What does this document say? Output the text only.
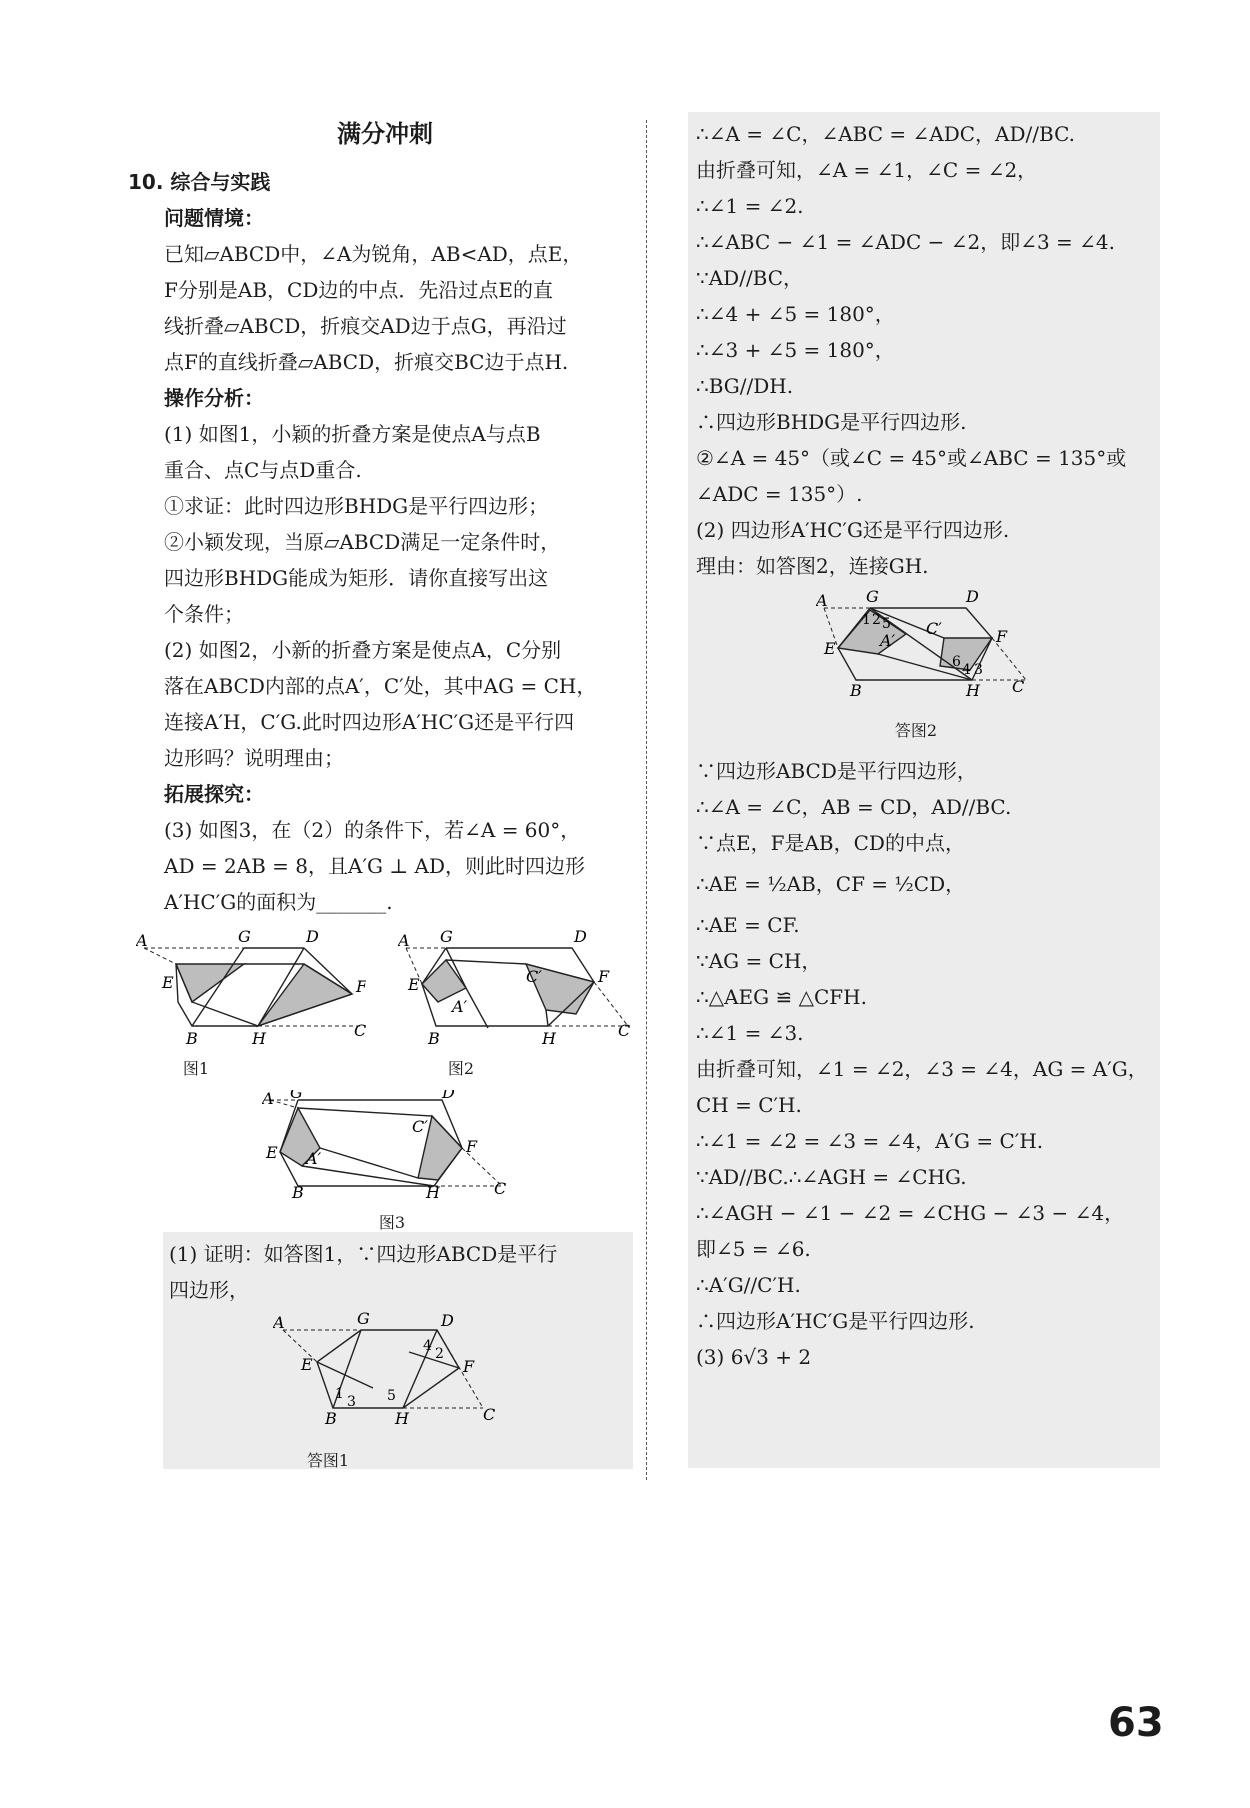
满分冲刺
10. 综合与实践
问题情境：
已知▱ABCD中，∠A为锐角，AB<AD，点E，
F分别是AB，CD边的中点．先沿过点E的直
线折叠▱ABCD，折痕交AD边于点G，再沿过
点F的直线折叠▱ABCD，折痕交BC边于点H.
操作分析：
(1) 如图1，小颖的折叠方案是使点A与点B
重合、点C与点D重合.
①求证：此时四边形BHDG是平行四边形；
②小颖发现，当原▱ABCD满足一定条件时，
四边形BHDG能成为矩形．请你直接写出这
个条件；
(2) 如图2，小新的折叠方案是使点A，C分别
落在ABCD内部的点A′，C′处，其中AG = CH，
连接A′H，C′G.此时四边形A′HC′G还是平行四
边形吗？说明理由；
拓展探究：
(3) 如图3，在（2）的条件下，若∠A = 60°，
AD = 2AB = 8，且A′G ⊥ AD，则此时四边形
A′HC′G的面积为_______.
A	G	D
E	F
B	H	C
图1
A G	D
E	F
B	H	C
A′
C′
图2
A G	D
E	F
B	H	C
A′
C′
图3
(1) 证明：如答图1，∵四边形ABCD是平行
四边形，
A	G	D
E	F
B	H	C
1 3
4 2
5
答图1
∴∠A = ∠C，∠ABC = ∠ADC，AD//BC.
由折叠可知，∠A = ∠1，∠C = ∠2，
∴∠1 = ∠2.
∴∠ABC − ∠1 = ∠ADC − ∠2，即∠3 = ∠4.
∵AD//BC，
∴∠4 + ∠5 = 180°，
∴∠3 + ∠5 = 180°，
∴BG//DH.
∴四边形BHDG是平行四边形.
②∠A = 45°（或∠C = 45°或∠ABC = 135°或
∠ADC = 135°）.
(2) 四边形A′HC′G还是平行四边形.
理由：如答图2，连接GH.
A G	D
E
F
B	H C
A′
C′
1 2 5
6 4 3
答图2
∵四边形ABCD是平行四边形，
∴∠A = ∠C，AB = CD，AD//BC.
∵点E，F是AB，CD的中点，
∴AE = ½AB，CF = ½CD，
∴AE = CF.
∵AG = CH，
∴△AEG ≌ △CFH.
∴∠1 = ∠3.
由折叠可知，∠1 = ∠2，∠3 = ∠4，AG = A′G，
CH = C′H.
∴∠1 = ∠2 = ∠3 = ∠4，A′G = C′H.
∵AD//BC.∴∠AGH = ∠CHG.
∴∠AGH − ∠1 − ∠2 = ∠CHG − ∠3 − ∠4，
即∠5 = ∠6.
∴A′G//C′H.
∴四边形A′HC′G是平行四边形.
(3) 6√3 + 2
63
